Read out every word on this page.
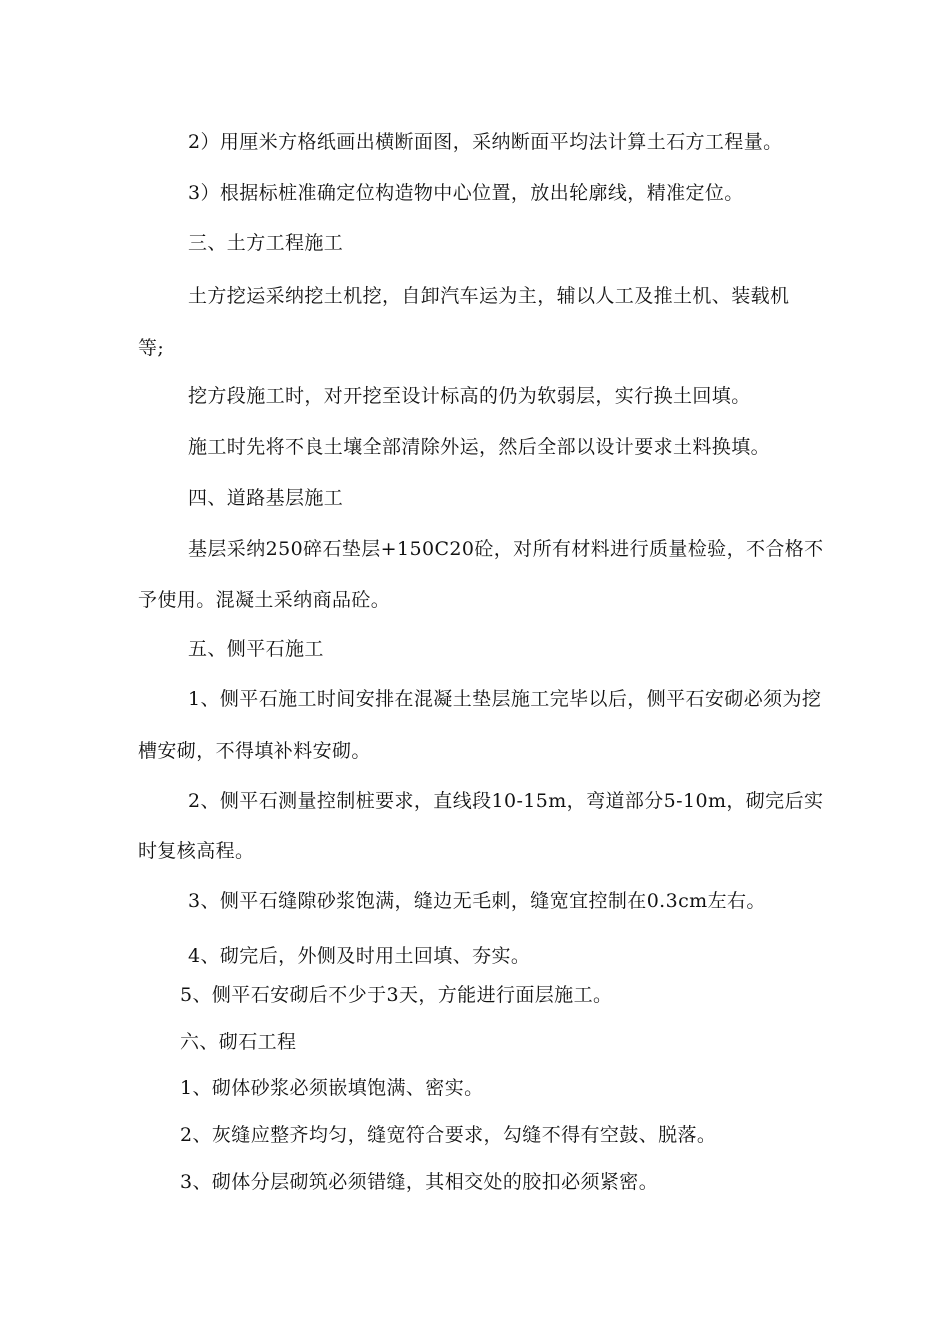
2）用厘米方格纸画出横断面图，采纳断面平均法计算土石方工程量。
3）根据标桩准确定位构造物中心位置，放出轮廓线，精准定位。
三、土方工程施工
土方挖运采纳挖土机挖，自卸汽车运为主，辅以人工及推土机、装载机
等;
挖方段施工时，对开挖至设计标高的仍为软弱层，实行换土回填。
施工时先将不良土壤全部清除外运，然后全部以设计要求土料换填。
四、道路基层施工
基层采纳250碎石垫层+150C20砼，对所有材料进行质量检验，不合格不
予使用。混凝土采纳商品砼。
五、侧平石施工
1、侧平石施工时间安排在混凝土垫层施工完毕以后，侧平石安砌必须为挖
槽安砌，不得填补料安砌。
2、侧平石测量控制桩要求，直线段10-15m，弯道部分5-10m，砌完后实
时复核高程。
3、侧平石缝隙砂浆饱满，缝边无毛刺，缝宽宜控制在0.3cm左右。
4、砌完后，外侧及时用土回填、夯实。
5、侧平石安砌后不少于3天，方能进行面层施工。
六、砌石工程
1、砌体砂浆必须嵌填饱满、密实。
2、灰缝应整齐均匀，缝宽符合要求，勾缝不得有空鼓、脱落。
3、砌体分层砌筑必须错缝，其相交处的胶扣必须紧密。
